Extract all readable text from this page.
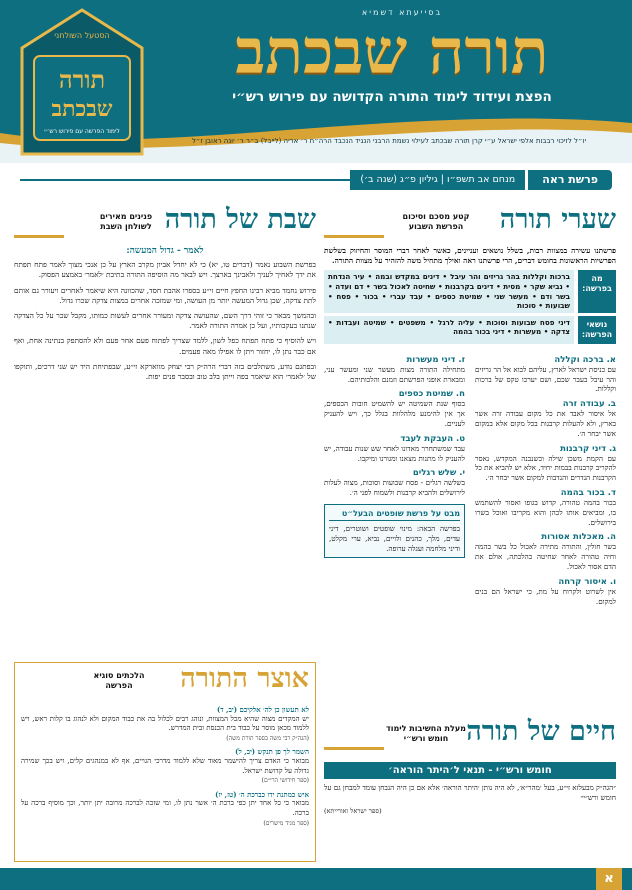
בסייעתא דשמיא
תורה שבכתב
הפצת ועידוד לימוד התורה הקדושה עם פירוש רש״י
יו״ל לזיכוי רבבות אלפי ישראל ע״י קרן תורה שבכתב לעילוי נשמת הרבני הנגיד הנכבד הרה״ח ר׳ אריה (לייבל) ב״ר ר׳ יונה ראובן ז״ל
הסטעל השולחני
תורה
שבכתב
לימוד הפרשה עם פירוש רש״י
פרשת ראה
מנחם אב תשפ״ו | גיליון פ״ג (שנה ב׳)
שערי תורה
קטע מסכם וסיכום הפרשת השבוע
פרשתנו עשירה במצוות רבות, בשלל נושאים ועניינים, כאשר לאחר דברי המוסר והחיזוק בשלשת הפרשיות הראשונות בחומש דברים, הרי פרשתנו ראה ואילך מתחיל משה להזהיר על מצוות התורה.
מה בפרשה:
ברכות וקללות בהר גריזים והר עיבל • דינים במקדש ובמה • עיר הנדחת • נביא שקר • מסית • דינים בקרבנות • שחיטה לאכול בשר • דם ועדה • בשר ודם • מעשר שני • שמיטת כספים • עבד עברי • בכור • פסח • שבועות • סוכות
נושאי הפרשה:
דיני פסח שבועות וסוכות • עליה לרגל • משפטים • שמיטה ועבדות • צדקה • מעשרות • דיני בכור בהמה
א. ברכה וקללה
עם כניסת ישראל לארץ, עליהם לבוא אל הר גריזים והר עיבל בעבר שכם, ושם יערכו טקס של ברכות וקללות.
ב. עבודה זרה
אל איסור לאבד את כל מקום עבודה זרה אשר בארץ, ולא להעלות קרבנות בכל מקום אלא במקום אשר יבחר ה׳.
ג. דיני קרבנות
עם הקמת משכן שילה וכשנבנה המקדש, נאסר להקריב קרבנות בבמות יחיד, אלא יש להביא את כל הקרבנות הנדרים והנדבות למקום אשר יבחר ה׳.
ד. בכור בהמה
בכור בהמה טהורה, קדוש בגופו ואסור להשתמש בו, ומביאים אותו לכהן והוא מקריבו ואוכל בשרו בירושלים.
ה. מאכלות אסורות
בשר חולין, והתורה מתירה לאכול כל בשר בהמה וחיה טהורה לאחר שחיטה כהלכתה, אולם את הדם אסור לאכול.
ו. איסור קרחה
אין לשרוט ולקרוח על מת, כי ישראל הם בנים למקום.
ז. דיני מעשרות
מתחילה התורה מצות מעשר שני ומעשר עני, ומבארת אופני הפרשתם וזמנם והלכותיהם.
ח. שמיטת כספים
בסוף שנת השמיטה יש להשמיט חובות הכספים, אך אין להימנע מלהלוות בגלל כך, ויש להעניק לעניים.
ט. העבקת לעבד
עבד שמשתחרר מאדונו לאחר שש שנות עבודה, יש להעניק לו מתנות מצאנו ומגורנו ומיקבו.
י. שלש רגלים
בשלשה רגלים - פסח שבועות וסוכות, מצוה לעלות לירושלים ולהביא קרבנות ולשמוח לפני ה׳.
מבט על פרשת שופטים הבעל״ט
בפרשה הבאה: מינוי שופטים ושוטרים, דיני עדים, מלך, כהנים ולויים, נביא, ערי מקלט, ודיני מלחמה ועגלה ערופה.
שבת של תורה
פנינים מאירים לשולחן השבת
לאמר - גדול המעשה:
בפרשת השבוע נאמר (דברים טו, יא) כי לא יחדל אביון מקרב הארץ על כן אנכי מצוך לאמר פתח תפתח את ידך לאחיך לעניך ולאבינך בארצך. ויש לבאר מה הוסיפה התורה בתיבת ׳לאמר׳ באמצע הפסוק.
פירוש נחמד מביא רבינו החפץ חיים זי״ע בספרו אהבת חסד, שהכוונה היא שיאמר לאחרים ויעורר גם אותם לתת צדקה, שכן גדול המעשה יותר מן העושה, ומי שמזכה אחרים במצות צדקה שכרו גדול.
ובהמשך מבאר כי זוהי דרך השם, שהעושה צדקה ומעורר אחרים לעשות כמותו, מקבל שכר על כל הצדקה שנתנו בעקבותיו, ועל כן אמרה התורה לאמר.
ויש להוסיף כי פתח תפתח כפל לשון, ללמד שצריך לפתוח פעם אחר פעם ולא להסתפק בנתינה אחת, ואף אם כבר נתן לו, יחזור ויתן לו אפילו מאה פעמים.
ובפתגם נודע, משתלבים בזה דברי הרה״ק רבי יצחק מווארקא זי״ע, שבפתיחת היד יש שני דרכים, ותוקפו של ׳לאמר׳ הוא שיאמר בפה וייתן בלב טוב ובסבר פנים יפות.
אוצר התורה
הלכתים סוגיא הפרשה
לא תעשון כן לה׳ אלקיכם (יב, ד)
יש המקדים מצוה שהיא מכל המצוות, ונוהג רבים לכלול בה את כבוד המקום ולא לנהוג בו קלות ראש, ויש ללמוד מכאן מוסר על כבוד בית הכנסת ובית המדרש.
(הגה״ק רבי משה בספר תורת משה)
השמר לך פן תנקש (יב, ל)
מבואר כי האדם צריך להישמר מאוד שלא ללמוד מדרכי הגויים, אף לא במנהגים קלים, ויש בכך שמירה גדולה על קדושת ישראל.
(ספר חידושי הרי״ם)
איש כמתנת ידו כברכת ה׳ (טז, יז)
מבואר כי כל אחד יתן כפי ברכת ה׳ אשר נתן לו, ומי שזכה לברכה מרובה יתן יותר, וכך מוסיף ברכה על ברכה.
(ספר מגיד מישרים)
חיים של תורה
מעלת החשיבות לימוד חומש ורש״י
חומש ורש״י - תנאי ל׳היתר הוראה׳
״הגה״ק מבעלזא זי״ע, בעל ׳מהר״א׳, לא היה נותן ׳היתר הוראה׳ אלא אם כן היה הנבחן עומד למבחן גם על חומש ורש״י״
(ספר ישראל ואורייתא)
א
